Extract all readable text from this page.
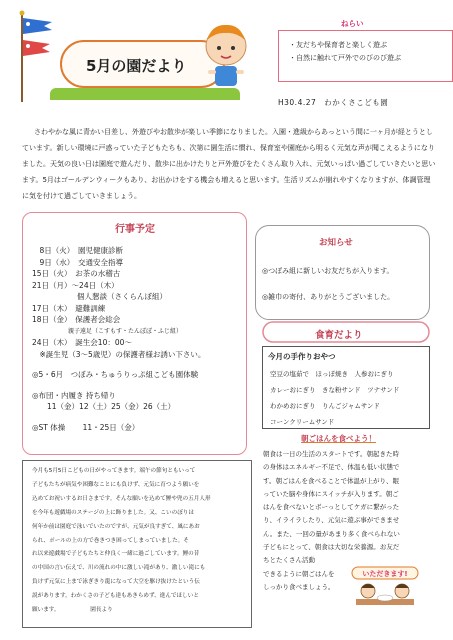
5月の園だより
・友だちや保育者と楽しく遊ぶ
・自然に触れて戸外でのびのび遊ぶ
ねらい
H30.4.27　わかくさこども園

さわやかな風に青かい目差し、外遊びやお散歩が楽しい季節になりました。入園・進級からあっという間に一ヶ月が経とうとしています。新しい環境に戸惑っていた子どもたちも、次第に園生活に慣れ、保育室や園庭から明るく元気な声が聞こえるようになりました。天気の良い日は園庭で遊んだり、散歩に出かけたりと戸外遊びをたくさん取り入れ、元気いっぱい過ごしていきたいと思います。5月はゴールデンウィークもあり、お出かけをする機会も増えると思います。生活リズムが崩れやすくなりますが、体調管理に気を付けて過ごしていきましょう。

行事予定
　8日（火）　園児健康診断
　9日（水）　交通安全指導
15日（火）　お茶の水稽古
21日（月）～24日（木）
　　　　　　個人懇談（さくらんぼ組）
17日（木）　避難訓練
18日（金）　保護者会総会
　　　　　　親子遠足（こすもす・たんぽぽ・ふじ組）
24日（木）　誕生会10：00～
　※誕生児（3～5歳児）の保護者様お誘い下さい。
◎5・6月　つぼみ・ちゅうりっぷ組こども園体験
◎布団・内履き 持ち帰り
　　11（金）12（土）25（金）26（土）
◎ST 体操　　 11・25日（金）
お知らせ
◎つぼみ組に新しいお友だちが入ります。
◎雑巾の寄付、ありがとうございました。
食育だより
今月の手作りおやつ
空豆の塩茹で　ほっぽ焼き　人参おにぎり
カレーおにぎり　きな粉サンド　ツナサンド
わかめおにぎり　りんごジャムサンド
コーンクリームサンド
朝ごはんを食べよう！
朝食は一日の生活のスタートです。朝起きた時
の身体はエネルギー不足で、体温も低い状態で
す。朝ごはんを食べることで体温が上がり、眠
っていた脳や身体にスイッチが入ります。朝ご
はんを食べないとボーっとしてケガに繋がった
り、イライラしたり、元気に遊ぶ事ができませ
ん。また、一回の量があまり多く食べられない
子どもにとって、朝食は大切な栄養源。お友だ
ちとたくさん活動
できるように朝ごはんを
しっかり食べましょう。
いただきます!
今月も5月5日こどもの日がやってきます。端午の節句ともいって
子どもたちが病気や困難なことにも負けず、元気に育つよう願いを
込めてお祝いするお日さまです。そんな願いを込めて鯉や兜の五月人形
を今年も遊戯場のステージの上に飾りました。又、こいのぼりは
何年か前は園庭で泳いでいたのですが、元気が良すぎて、風にあお
られ、ポールの上の方で巻きつき困ってしまっていました。そ
れ以来遊戯場で子どもたちと仲良く一緒に過ごしています。鯉の昔
の中国の言い伝えで、川の流れの中に激しい滝があり、激しい滝にも
負けず元気に上まで泳ぎきり龍になって大空を駆け抜けたという伝
説があります。わかくさの子ども達もあきらめず、進んでほしいと
願います。　　　　　　園長より
